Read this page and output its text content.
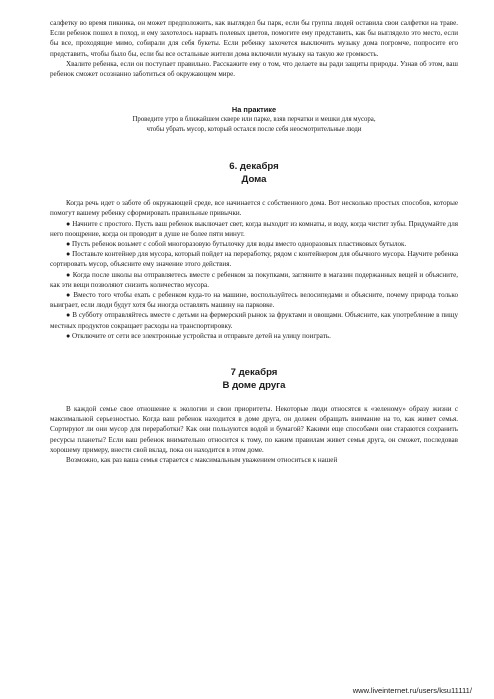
салфетку во время пикника, он может предположить, как выглядел бы парк, если бы группа людей оставила свои салфетки на траве. Если ребенок пошел в поход, и ему захотелось нарвать полевых цветов, помогите ему представить, как бы выглядело это место, если бы все, проходящие мимо, собирали для себя букеты. Если ребенку захочется выключить музыку дома погромче, попросите его представить, чтобы было бы, если бы все остальные жители дома включили музыку на такую же громкость.

Хвалите ребенка, если он поступает правильно. Расскажите ему о том, что делаете вы ради защиты природы. Узнав об этом, ваш ребенок сможет осознанно заботиться об окружающем мире.

На практике
Проведите утро в ближайшем сквере или парке, взяв перчатки и мешки для мусора,
чтобы убрать мусор, который остался после себя неосмотрительные люди
6. декабря
Дома

Когда речь идет о заботе об окружающей среде, все начинается с собственного дома. Вот несколько простых способов, которые помогут вашему ребенку сформировать правильные привычки.

● Начните с простого. Пусть ваш ребенок выключает свет, когда выходит из комнаты, и воду, когда чистит зубы. Придумайте для него поощрение, когда он проводит в душе не более пяти минут.

● Пусть ребенок возьмет с собой многоразовую бутылочку для воды вместо одноразовых пластиковых бутылок.

● Поставьте контейнер для мусора, который пойдет на переработку, рядом с контейнером для обычного мусора. Научите ребенка сортировать мусор, объясните ему значение этого действия.

● Когда после школы вы отправляетесь вместе с ребенком за покупками, загляните в магазин подержанных вещей и объясните, как эти вещи позволяют снизить количество мусора.

● Вместо того чтобы ехать с ребенком куда-то на машине, воспользуйтесь велосипедами и объясните, почему природа только выиграет, если люди будут хотя бы иногда оставлять машину на парковке.

● В субботу отправляйтесь вместе с детьми на фермерский рынок за фруктами и овощами. Объясните, как употребление в пищу местных продуктов сокращает расходы на транспортировку.

● Отключите от сети все электронные устройства и отправьте детей на улицу поиграть.

7 декабря
В доме друга

В каждой семье свое отношение к экологии и свои приоритеты. Некоторые люди относятся к «зеленому» образу жизни с максимальной серьезностью. Когда ваш ребенок находится в доме друга, он должен обращать внимание на то, как живет семья. Сортируют ли они мусор для переработки? Как они пользуются водой и бумагой? Какими еще способами они стараются сохранить ресурсы планеты? Если ваш ребенок внимательно относится к тому, по каким правилам живет семья друга, он сможет, последовав хорошему примеру, внести свой вклад, пока он находится в этом доме.

Возможно, как раз ваша семья старается с максимальным уважением относиться к нашей

www.liveinternet.ru/users/ksu11111/
